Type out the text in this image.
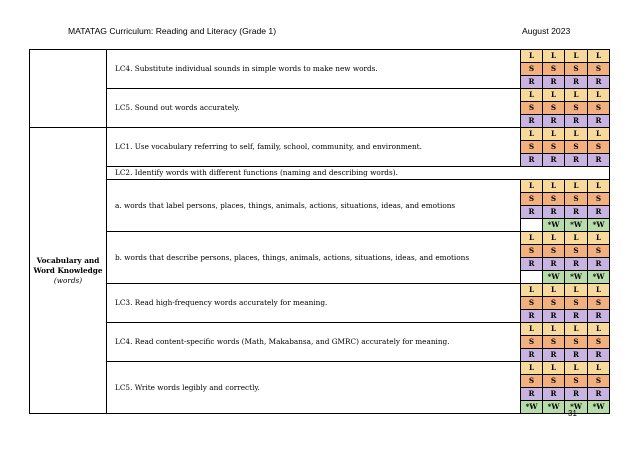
MATATAG Curriculum: Reading and Literacy (Grade 1)	August 2023
	LC4. Substitute individual sounds in simple words to make new words.	L	L	L	L
		S	S	S	S
		R	R	R	R
	LC5. Sound out words accurately.	L	L	L	L
		S	S	S	S
		R	R	R	R

Vocabulary and Word Knowledge
(words)	LC1. Use vocabulary referring to self, family, school, community, and environment.	L	L	L	L
		S	S	S	S
		R	R	R	R
	LC2. Identify words with different functions (naming and describing words).				
	a. words that label persons, places, things, animals, actions, situations, ideas, and emotions	L	L	L	L
		S	S	S	S
		R	R	R	R
			*W	*W	*W
	b. words that describe persons, places, things, animals, actions, situations, ideas, and emotions	L	L	L	L
		S	S	S	S
		R	R	R	R
			*W	*W	*W
	LC3. Read high-frequency words accurately for meaning.	L	L	L	L
		S	S	S	S
		R	R	R	R
	LC4. Read content-specific words (Math, Makabansa, and GMRC) accurately for meaning.	L	L	L	L
		S	S	S	S
		R	R	R	R
	LC5. Write words legibly and correctly.	L	L	L	L
		S	S	S	S
		R	R	R	R
		*W	*W	*W	*W
31
